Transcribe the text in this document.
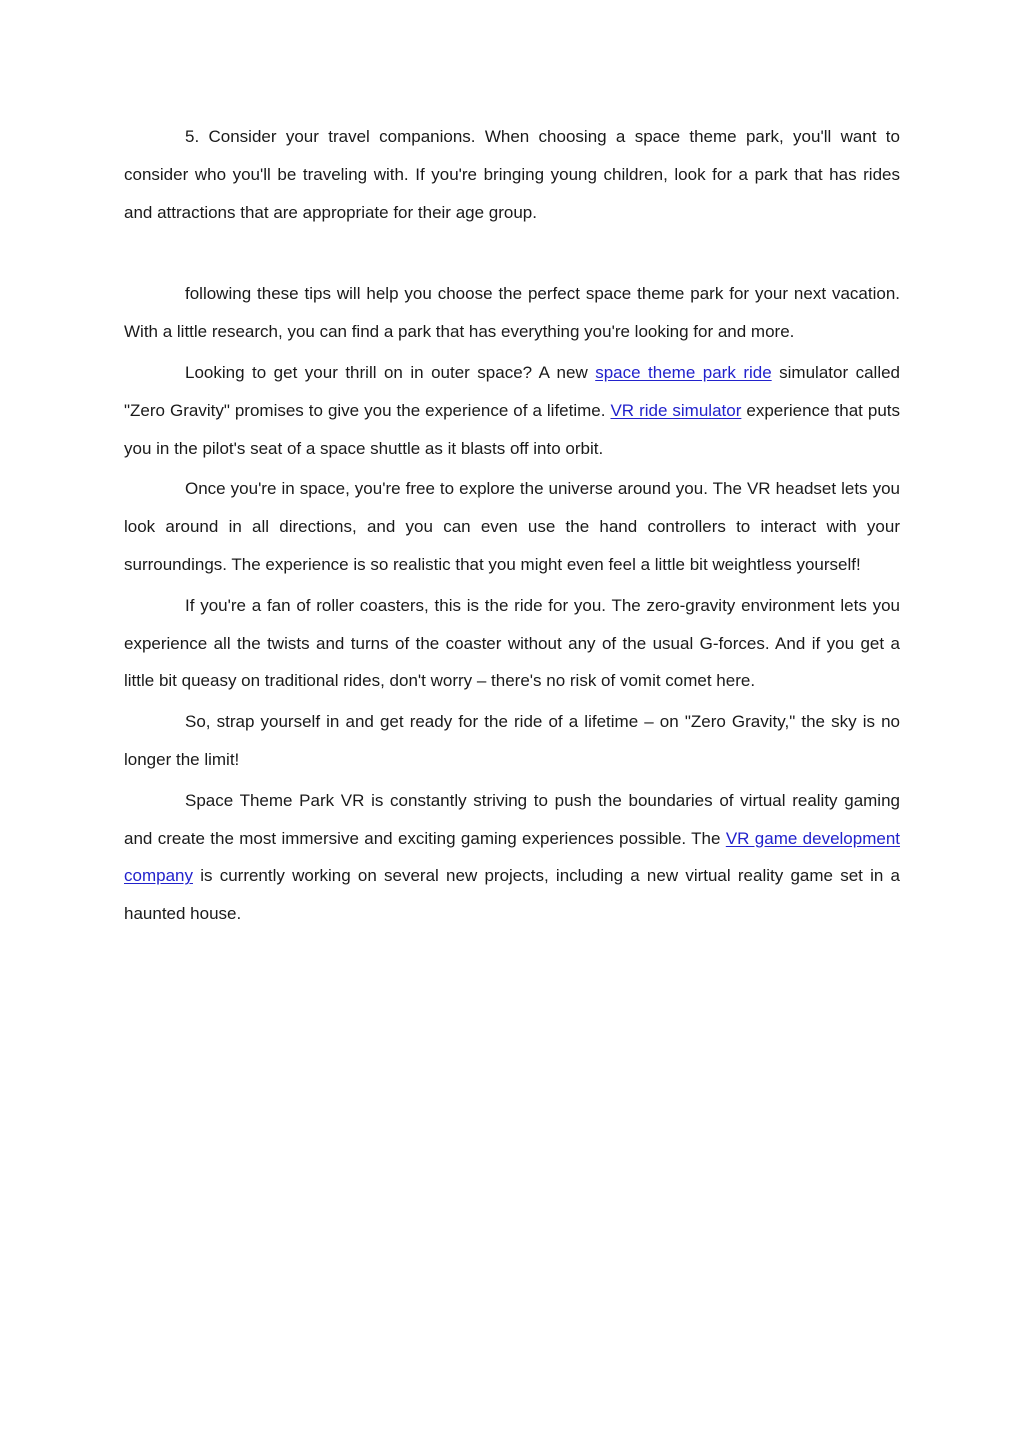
5. Consider your travel companions. When choosing a space theme park, you'll want to consider who you'll be traveling with. If you're bringing young children, look for a park that has rides and attractions that are appropriate for their age group.

following these tips will help you choose the perfect space theme park for your next vacation. With a little research, you can find a park that has everything you're looking for and more.

Looking to get your thrill on in outer space? A new space theme park ride simulator called "Zero Gravity" promises to give you the experience of a lifetime. VR ride simulator experience that puts you in the pilot's seat of a space shuttle as it blasts off into orbit.

Once you're in space, you're free to explore the universe around you. The VR headset lets you look around in all directions, and you can even use the hand controllers to interact with your surroundings. The experience is so realistic that you might even feel a little bit weightless yourself!

If you're a fan of roller coasters, this is the ride for you. The zero-gravity environment lets you experience all the twists and turns of the coaster without any of the usual G-forces. And if you get a little bit queasy on traditional rides, don't worry – there's no risk of vomit comet here.

So, strap yourself in and get ready for the ride of a lifetime – on "Zero Gravity," the sky is no longer the limit!

Space Theme Park VR is constantly striving to push the boundaries of virtual reality gaming and create the most immersive and exciting gaming experiences possible. The VR game development company is currently working on several new projects, including a new virtual reality game set in a haunted house.
